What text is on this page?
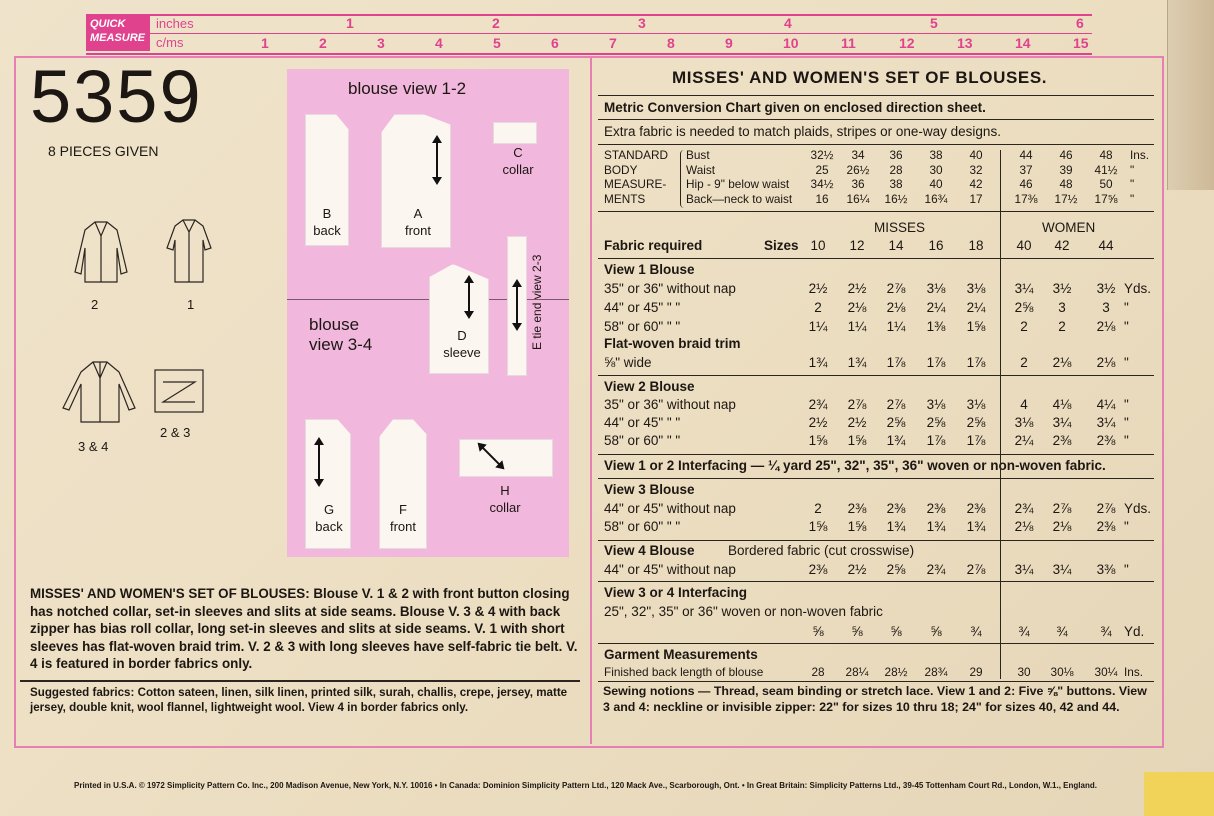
QUICK
MEASURE
inches
c/ms
1	2	3	4	5	6
1	2	3	4	5	6	7	8	9	10	11	12	13	14	15
5359
8 PIECES GIVEN
2	1
3 & 4
2 & 3
blouse view 1-2
blouse
view 3-4
B
back
A
front
C
collar
D
sleeve	E tie end view 2-3
G
back
F
front
H
collar
MISSES' AND WOMEN'S SET OF BLOUSES: Blouse V. 1 & 2 with front button closing has notched collar, set-in sleeves and slits at side seams. Blouse V. 3 & 4 with back zipper has bias roll collar, long set-in sleeves and slits at side seams. V. 1 with short sleeves has flat-woven braid trim. V. 2 & 3 with long sleeves have self-fabric tie belt. V. 4 is featured in border fabrics only.
Suggested fabrics: Cotton sateen, linen, silk linen, printed silk, surah, challis, crepe, jersey, matte jersey, double knit, wool flannel, lightweight wool. View 4 in border fabrics only.
MISSES' AND WOMEN'S SET OF BLOUSES.
Metric Conversion Chart given on enclosed direction sheet.
Extra fabric is needed to match plaids, stripes or one-way designs.
STANDARD
BODY
MEASURE-
MENTS
Bust	32½ 34 36 38 40	44 46 48 Ins.
Waist	25 26½ 28 30 32	37 39 41½ "
Hip - 9" below waist 34½ 36 38 40 42	46 48 50 "
Back—neck to waist 16 16¼ 16½ 16¾ 17	17⅜ 17½ 17⅝ "
MISSES	WOMEN
Fabric required	Sizes 10 12 14 16 18 40 42 44
View 1 Blouse
35" or 36" without nap	2½ 2½ 2⅞ 3⅛ 3⅛ 3¼ 3½ 3½ Yds.
44" or 45" " "	2 2⅛ 2⅛ 2¼ 2¼ 2⅝ 3	3 "
58" or 60" " "	1¼ 1¼ 1¼ 1⅜ 1⅝	2 2 2⅛ "
Flat-woven braid trim
⅝" wide	1¾ 1¾ 1⅞ 1⅞ 1⅞	2 2⅛ 2⅛ "
View 2 Blouse
35" or 36" without nap	2¾ 2⅞ 2⅞ 3⅛ 3⅛	4 4⅛ 4¼ "
44" or 45" " "	2½ 2½ 2⅝ 2⅝ 2⅝ 3⅛ 3¼ 3¼ "
58" or 60" " "	1⅝ 1⅝ 1¾ 1⅞ 1⅞ 2¼ 2⅜ 2⅜ "
View 1 or 2 Interfacing — ¼ yard 25", 32", 35", 36" woven or non-woven fabric.
View 3 Blouse
44" or 45" without nap	2 2⅜ 2⅜ 2⅜ 2⅜ 2¾ 2⅞ 2⅞ Yds.
58" or 60" " "	1⅝ 1⅝ 1¾ 1¾ 1¾ 2⅛ 2⅛ 2⅜ "
View 4 Blouse Bordered fabric (cut crosswise)
44" or 45" without nap	2⅜ 2½ 2⅝ 2¾ 2⅞ 3¼ 3¼ 3⅜ "
View 3 or 4 Interfacing
25", 32", 35" or 36" woven or non-woven fabric
⅝ ⅝ ⅝ ⅝ ¾	¾ ¾ ¾ Yd.
Garment Measurements
Finished back length of blouse	28 28¼ 28½ 28¾ 29	30 30⅛ 30¼ Ins.
Sewing notions — Thread, seam binding or stretch lace. View 1 and 2: Five ⅝" buttons. View 3 and 4: neckline or invisible zipper: 22" for sizes 10 thru 18; 24" for sizes 40, 42 and 44.
Printed in U.S.A. © 1972 Simplicity Pattern Co. Inc., 200 Madison Avenue, New York, N.Y. 10016 • In Canada: Dominion Simplicity Pattern Ltd., 120 Mack Ave., Scarborough, Ont. • In Great Britain: Simplicity Patterns Ltd., 39-45 Tottenham Court Rd., London, W.1., England.
